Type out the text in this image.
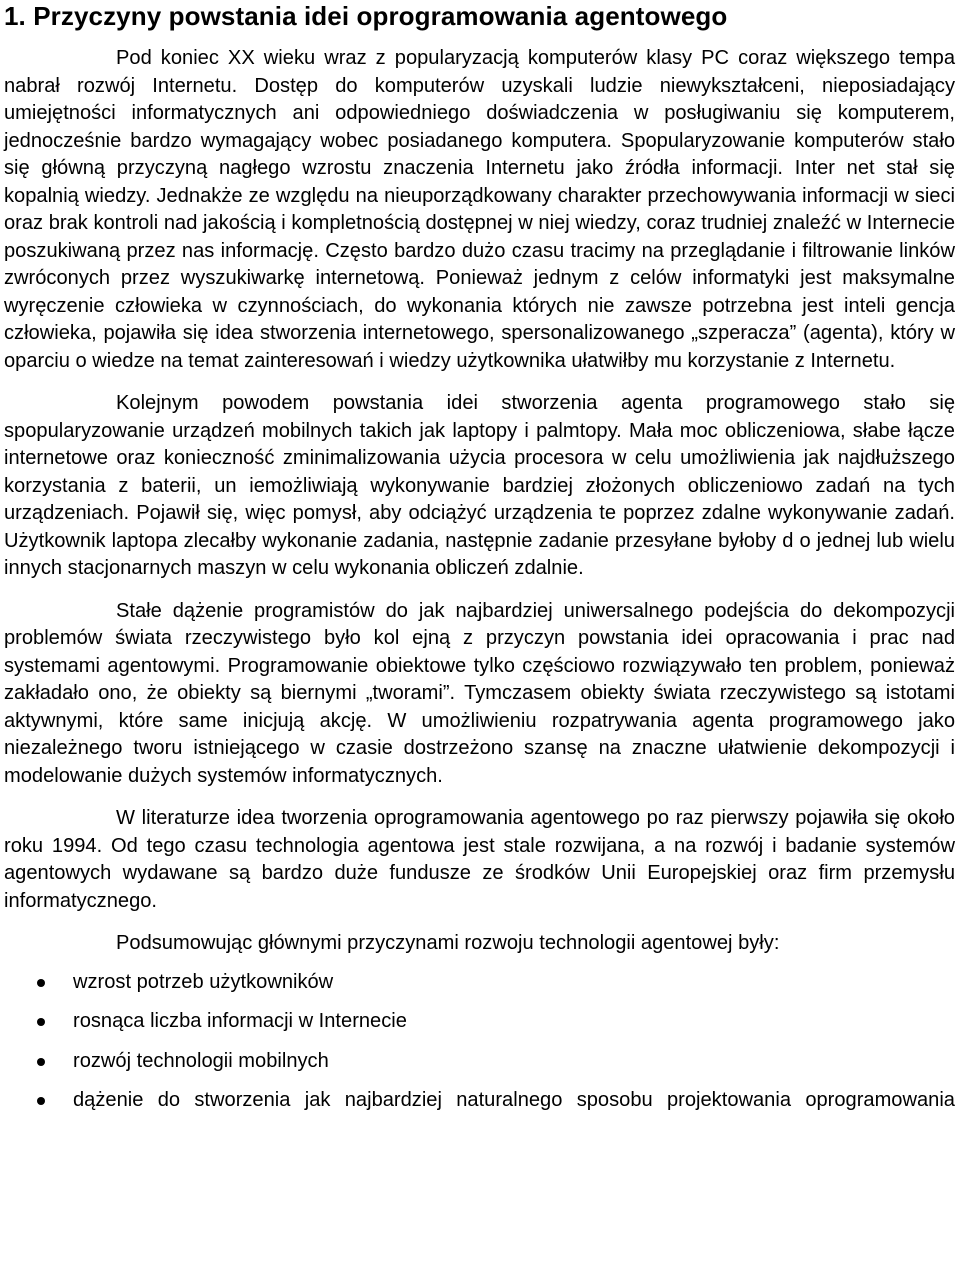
1. Przyczyny powstania idei oprogramowania agentowego

Pod koniec XX wieku wraz z popularyzacją komputerów klasy PC coraz większego tempa nabrał rozwój Internetu. Dostęp do komputerów uzyskali ludzie niewykształceni, nieposiadający umiejętności informatycznych ani odpowiedniego doświadczenia w posługiwaniu się komputerem, jednocześnie bardzo wymagający wobec posiadanego komputera. Spopularyzowanie komputerów stało się główną przyczyną nagłego wzrostu znaczenia Internetu jako źródła informacji. Inter net stał się kopalnią wiedzy. Jednakże ze względu na nieuporządkowany charakter przechowywania informacji w sieci oraz brak kontroli nad jakością i kompletnością dostępnej w niej wiedzy, coraz trudniej znaleźć w Internecie poszukiwaną przez nas informację. Często bardzo dużo czasu tracimy na przeglądanie i filtrowanie linków zwróconych przez wyszukiwarkę internetową. Ponieważ jednym z celów informatyki jest maksymalne wyręczenie człowieka w czynnościach, do wykonania których nie zawsze potrzebna jest inteli gencja człowieka, pojawiła się idea stworzenia internetowego, spersonalizowanego „szperacza” (agenta), który w oparciu o wiedze na temat zainteresowań i wiedzy użytkownika ułatwiłby mu korzystanie z Internetu.

Kolejnym powodem powstania idei stworzenia agenta programowego stało się spopularyzowanie urządzeń mobilnych takich jak laptopy i palmtopy. Mała moc obliczeniowa, słabe łącze internetowe oraz konieczność zminimalizowania użycia procesora w celu umożliwienia jak najdłuższego korzystania z baterii, un iemożliwiają wykonywanie bardziej złożonych obliczeniowo zadań na tych urządzeniach. Pojawił się, więc pomysł, aby odciążyć urządzenia te poprzez zdalne wykonywanie zadań. Użytkownik laptopa zlecałby wykonanie zadania, następnie zadanie przesyłane byłoby d o jednej lub wielu innych stacjonarnych maszyn w celu wykonania obliczeń zdalnie.

Stałe dążenie programistów do jak najbardziej uniwersalnego podejścia do dekompozycji problemów świata rzeczywistego było kol ejną z przyczyn powstania idei opracowania i prac nad systemami agentowymi. Programowanie obiektowe tylko częściowo rozwiązywało ten problem, ponieważ zakładało ono, że obiekty są biernymi „tworami”. Tymczasem obiekty świata rzeczywistego są istotami aktywnymi, które same inicjują akcję. W umożliwieniu rozpatrywania agenta programowego jako niezależnego tworu istniejącego w czasie dostrzeżono szansę na znaczne ułatwienie dekompozycji i modelowanie dużych systemów informatycznych.

W literaturze idea tworzenia oprogramowania agentowego po raz pierwszy pojawiła się około roku 1994. Od tego czasu technologia agentowa jest stale rozwijana, a na rozwój i badanie systemów agentowych wydawane są bardzo duże fundusze ze środków Unii Europejskiej oraz firm przemysłu informatycznego.

Podsumowując głównymi przyczynami rozwoju technologii agentowej były:

wzrost potrzeb użytkowników
rosnąca liczba informacji w Internecie
rozwój technologii mobilnych
dążenie do stworzenia jak najbardziej naturalnego sposobu projektowania oprogramowania
